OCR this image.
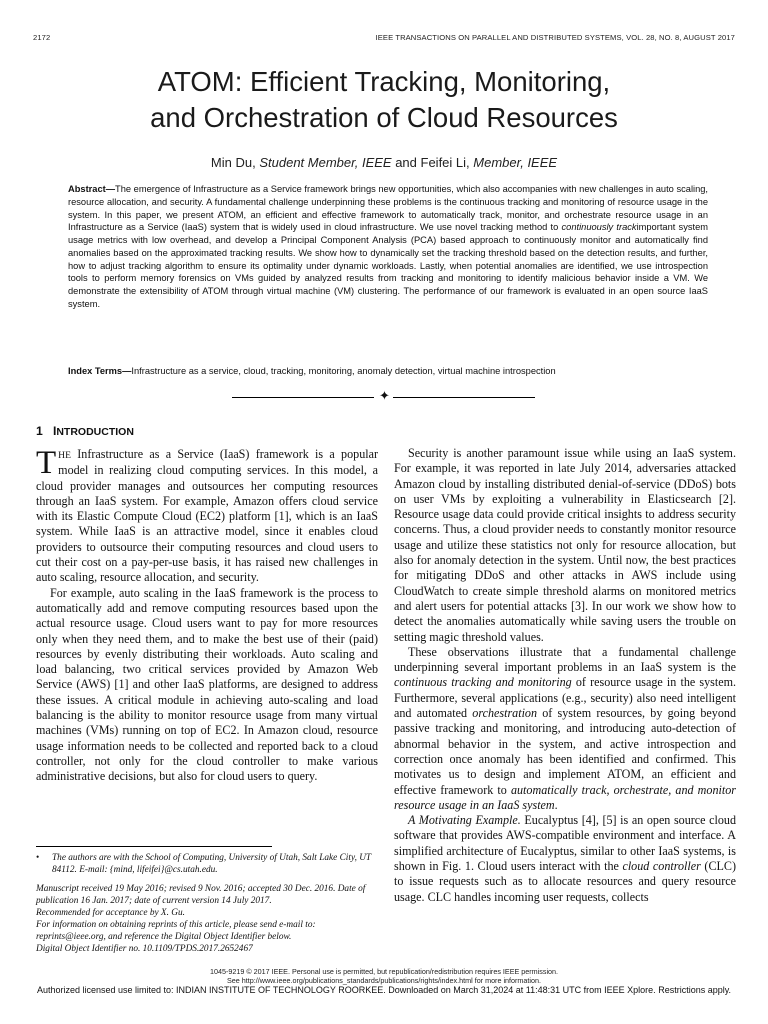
2172	IEEE TRANSACTIONS ON PARALLEL AND DISTRIBUTED SYSTEMS, VOL. 28, NO. 8, AUGUST 2017
ATOM: Efficient Tracking, Monitoring,
and Orchestration of Cloud Resources
Min Du, Student Member, IEEE and Feifei Li, Member, IEEE
Abstract—The emergence of Infrastructure as a Service framework brings new opportunities, which also accompanies with new challenges in auto scaling, resource allocation, and security. A fundamental challenge underpinning these problems is the continuous tracking and monitoring of resource usage in the system. In this paper, we present ATOM, an efficient and effective framework to automatically track, monitor, and orchestrate resource usage in an Infrastructure as a Service (IaaS) system that is widely used in cloud infrastructure. We use novel tracking method to continuously trackimportant system usage metrics with low overhead, and develop a Principal Component Analysis (PCA) based approach to continuously monitor and automatically find anomalies based on the approximated tracking results. We show how to dynamically set the tracking threshold based on the detection results, and further, how to adjust tracking algorithm to ensure its optimality under dynamic workloads. Lastly, when potential anomalies are identified, we use introspection tools to perform memory forensics on VMs guided by analyzed results from tracking and monitoring to identify malicious behavior inside a VM. We demonstrate the extensibility of ATOM through virtual machine (VM) clustering. The performance of our framework is evaluated in an open source IaaS system.
Index Terms—Infrastructure as a service, cloud, tracking, monitoring, anomaly detection, virtual machine introspection
✦
1 INTRODUCTION

THE Infrastructure as a Service (IaaS) framework is a popular model in realizing cloud computing services. In this model, a cloud provider manages and outsources her computing resources through an IaaS system. For example, Amazon offers cloud service with its Elastic Compute Cloud (EC2) platform [1], which is an IaaS system. While IaaS is an attractive model, since it enables cloud providers to outsource their computing resources and cloud users to cut their cost on a pay-per-use basis, it has raised new challenges in auto scaling, resource allocation, and security.

For example, auto scaling in the IaaS framework is the process to automatically add and remove computing resources based upon the actual resource usage. Cloud users want to pay for more resources only when they need them, and to make the best use of their (paid) resources by evenly distributing their workloads. Auto scaling and load balancing, two critical services provided by Amazon Web Service (AWS) [1] and other IaaS platforms, are designed to address these issues. A critical module in achieving auto-scaling and load balancing is the ability to monitor resource usage from many virtual machines (VMs) running on top of EC2. In Amazon cloud, resource usage information needs to be collected and reported back to a cloud controller, not only for the cloud controller to make various administrative decisions, but also for cloud users to query.

• The authors are with the School of Computing, University of Utah, Salt Lake City, UT 84112. E-mail: {mind, lifeifei}@cs.utah.edu.

Manuscript received 19 May 2016; revised 9 Nov. 2016; accepted 30 Dec. 2016. Date of publication 16 Jan. 2017; date of current version 14 July 2017.

Recommended for acceptance by X. Gu.

For information on obtaining reprints of this article, please send e-mail to: reprints@ieee.org, and reference the Digital Object Identifier below.

Digital Object Identifier no. 10.1109/TPDS.2017.2652467

Security is another paramount issue while using an IaaS system. For example, it was reported in late July 2014, adversaries attacked Amazon cloud by installing distributed denial-of-service (DDoS) bots on user VMs by exploiting a vulnerability in Elasticsearch [2]. Resource usage data could provide critical insights to address security concerns. Thus, a cloud provider needs to constantly monitor resource usage and utilize these statistics not only for resource allocation, but also for anomaly detection in the system. Until now, the best practices for mitigating DDoS and other attacks in AWS include using CloudWatch to create simple threshold alarms on monitored metrics and alert users for potential attacks [3]. In our work we show how to detect the anomalies automatically while saving users the trouble on setting magic threshold values.

These observations illustrate that a fundamental challenge underpinning several important problems in an IaaS system is the continuous tracking and monitoring of resource usage in the system. Furthermore, several applications (e.g., security) also need intelligent and automated orchestration of system resources, by going beyond passive tracking and monitoring, and introducing auto-detection of abnormal behavior in the system, and active introspection and correction once anomaly has been identified and confirmed. This motivates us to design and implement ATOM, an efficient and effective framework to automatically track, orchestrate, and monitor resource usage in an IaaS system.

A Motivating Example. Eucalyptus [4], [5] is an open source cloud software that provides AWS-compatible environment and interface. A simplified architecture of Eucalyptus, similar to other IaaS systems, is shown in Fig. 1. Cloud users interact with the cloud controller (CLC) to issue requests such as to allocate resources and query resource usage. CLC handles incoming user requests, collects

1045-9219 © 2017 IEEE. Personal use is permitted, but republication/redistribution requires IEEE permission.
See http://www.ieee.org/publications_standards/publications/rights/index.html for more information.
Authorized licensed use limited to: INDIAN INSTITUTE OF TECHNOLOGY ROORKEE. Downloaded on March 31,2024 at 11:48:31 UTC from IEEE Xplore. Restrictions apply.
